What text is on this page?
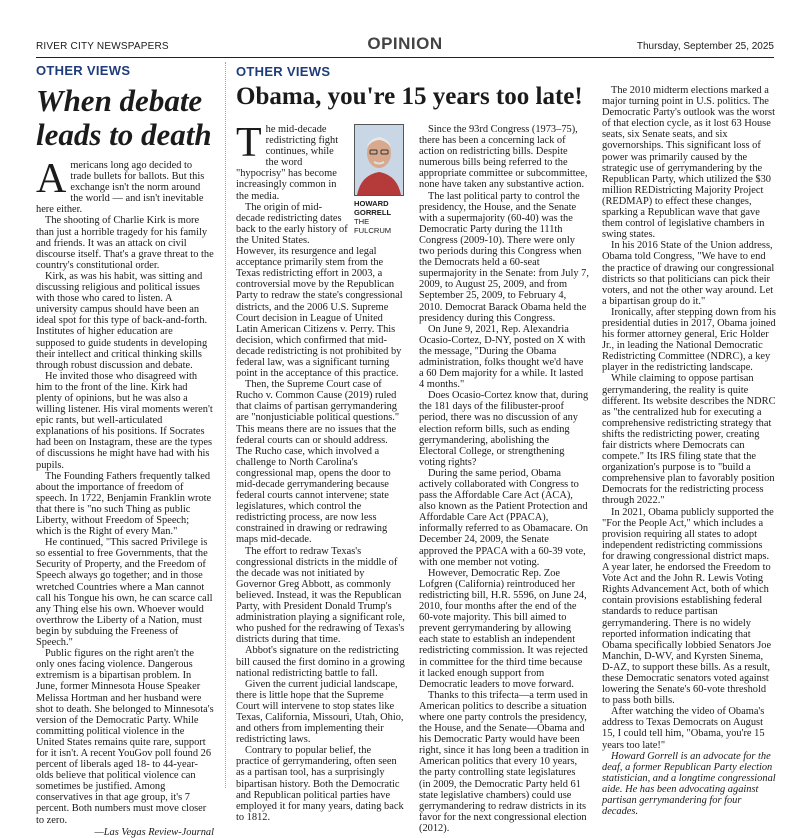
RIVER CITY NEWSPAPERS	OPINION	Thursday, September 25, 2025
OTHER VIEWS
When debate leads to death

Americans long ago decided to trade bullets for ballots. But this exchange isn't the norm around the world — and isn't inevitable here either.

The shooting of Charlie Kirk is more than just a horrible tragedy for his family and friends. It was an attack on civil discourse itself. That's a grave threat to the country's constitutional order.

Kirk, as was his habit, was sitting and discussing religious and political issues with those who cared to listen. A university campus should have been an ideal spot for this type of back-and-forth. Institutes of higher education are supposed to guide students in developing their intellect and critical thinking skills through robust discussion and debate.

He invited those who disagreed with him to the front of the line. Kirk had plenty of opinions, but he was also a willing listener. His viral moments weren't epic rants, but well-articulated explanations of his positions. If Socrates had been on Instagram, these are the types of discussions he might have had with his pupils.

The Founding Fathers frequently talked about the importance of freedom of speech. In 1722, Benjamin Franklin wrote that there is "no such Thing as public Liberty, without Freedom of Speech; which is the Right of every Man."

He continued, "This sacred Privilege is so essential to free Governments, that the Security of Property, and the Freedom of Speech always go together; and in those wretched Countries where a Man cannot call his Tongue his own, he can scarce call any Thing else his own. Whoever would overthrow the Liberty of a Nation, must begin by subduing the Freeness of Speech."

Public figures on the right aren't the only ones facing violence. Dangerous extremism is a bipartisan problem. In June, former Minnesota House Speaker Melissa Hortman and her husband were shot to death. She belonged to Minnesota's version of the Democratic Party. While committing political violence in the United States remains quite rare, support for it isn't. A recent YouGov poll found 26 percent of liberals aged 18- to 44-year-olds believe that political violence can sometimes be justified. Among conservatives in that age group, it's 7 percent. Both numbers must move closer to zero.

—Las Vegas Review-Journal
OTHER VIEWS
Obama, you're 15 years too late!
HOWARD GORRELL
THE FULCRUM

The mid-decade redistricting fight continues, while the word "hypocrisy" has become increasingly common in the media.

The origin of mid-decade redistricting dates back to the early history of the United States. However, its resurgence and legal acceptance primarily stem from the Texas redistricting effort in 2003, a controversial move by the Republican Party to redraw the state's congressional districts, and the 2006 U.S. Supreme Court decision in League of United Latin American Citizens v. Perry. This decision, which confirmed that mid-decade redistricting is not prohibited by federal law, was a significant turning point in the acceptance of this practice.

Then, the Supreme Court case of Rucho v. Common Cause (2019) ruled that claims of partisan gerrymandering are "nonjusticiable political questions." This means there are no issues that the federal courts can or should address. The Rucho case, which involved a challenge to North Carolina's congressional map, opens the door to mid-decade gerrymandering because federal courts cannot intervene; state legislatures, which control the redistricting process, are now less constrained in drawing or redrawing maps mid-decade.

The effort to redraw Texas's congressional districts in the middle of the decade was not initiated by Governor Greg Abbott, as commonly believed. Instead, it was the Republican Party, with President Donald Trump's administration playing a significant role, who pushed for the redrawing of Texas's districts during that time.

Abbot's signature on the redistricting bill caused the first domino in a growing national redistricting battle to fall.

Given the current judicial landscape, there is little hope that the Supreme Court will intervene to stop states like Texas, California, Missouri, Utah, Ohio, and others from implementing their redistricting laws.

Contrary to popular belief, the practice of gerrymandering, often seen as a partisan tool, has a surprisingly bipartisan history. Both the Democratic and Republican political parties have employed it for many years, dating back to 1812.

Since the 93rd Congress (1973–75), there has been a concerning lack of action on redistricting bills. Despite numerous bills being referred to the appropriate committee or subcommittee, none have taken any substantive action.

The last political party to control the presidency, the House, and the Senate with a supermajority (60-40) was the Democratic Party during the 111th Congress (2009-10). There were only two periods during this Congress when the Democrats held a 60-seat supermajority in the Senate: from July 7, 2009, to August 25, 2009, and from September 25, 2009, to February 4, 2010. Democrat Barack Obama held the presidency during this Congress.

On June 9, 2021, Rep. Alexandria Ocasio-Cortez, D-NY, posted on X with the message, "During the Obama administration, folks thought we'd have a 60 Dem majority for a while. It lasted 4 months."

Does Ocasio-Cortez know that, during the 181 days of the filibuster-proof period, there was no discussion of any election reform bills, such as ending gerrymandering, abolishing the Electoral College, or strengthening voting rights?

During the same period, Obama actively collaborated with Congress to pass the Affordable Care Act (ACA), also known as the Patient Protection and Affordable Care Act (PPACA), informally referred to as Obamacare. On December 24, 2009, the Senate approved the PPACA with a 60-39 vote, with one member not voting.

However, Democratic Rep. Zoe Lofgren (California) reintroduced her redistricting bill, H.R. 5596, on June 24, 2010, four months after the end of the 60-vote majority. This bill aimed to prevent gerrymandering by allowing each state to establish an independent redistricting commission. It was rejected in committee for the third time because it lacked enough support from Democratic leaders to move forward.

Thanks to this trifecta—a term used in American politics to describe a situation where one party controls the presidency, the House, and the Senate—Obama and his Democratic Party would have been right, since it has long been a tradition in American politics that every 10 years, the party controlling state legislatures (in 2009, the Democratic Party held 61 state legislative chambers) could use gerrymandering to redraw districts in its favor for the next congressional election (2012).

The 2010 midterm elections marked a major turning point in U.S. politics. The Democratic Party's outlook was the worst of that election cycle, as it lost 63 House seats, six Senate seats, and six governorships. This significant loss of power was primarily caused by the strategic use of gerrymandering by the Republican Party, which utilized the $30 million REDistricting Majority Project (REDMAP) to effect these changes, sparking a Republican wave that gave them control of legislative chambers in swing states.

In his 2016 State of the Union address, Obama told Congress, "We have to end the practice of drawing our congressional districts so that politicians can pick their voters, and not the other way around. Let a bipartisan group do it."

Ironically, after stepping down from his presidential duties in 2017, Obama joined his former attorney general, Eric Holder Jr., in leading the National Democratic Redistricting Committee (NDRC), a key player in the redistricting landscape.

While claiming to oppose partisan gerrymandering, the reality is quite different. Its website describes the NDRC as "the centralized hub for executing a comprehensive redistricting strategy that shifts the redistricting power, creating fair districts where Democrats can compete." Its IRS filing state that the organization's purpose is to "build a comprehensive plan to favorably position Democrats for the redistricting process through 2022."

In 2021, Obama publicly supported the "For the People Act," which includes a provision requiring all states to adopt independent redistricting commissions for drawing congressional district maps. A year later, he endorsed the Freedom to Vote Act and the John R. Lewis Voting Rights Advancement Act, both of which contain provisions establishing federal standards to reduce partisan gerrymandering. There is no widely reported information indicating that Obama specifically lobbied Senators Joe Manchin, D-WV, and Kyrsten Sinema, D-AZ, to support these bills. As a result, these Democratic senators voted against lowering the Senate's 60-vote threshold to pass both bills.

After watching the video of Obama's address to Texas Democrats on August 15, I could tell him, "Obama, you're 15 years too late!"

Howard Gorrell is an advocate for the deaf, a former Republican Party election statistician, and a longtime congressional aide. He has been advocating against partisan gerrymandering for four decades.
